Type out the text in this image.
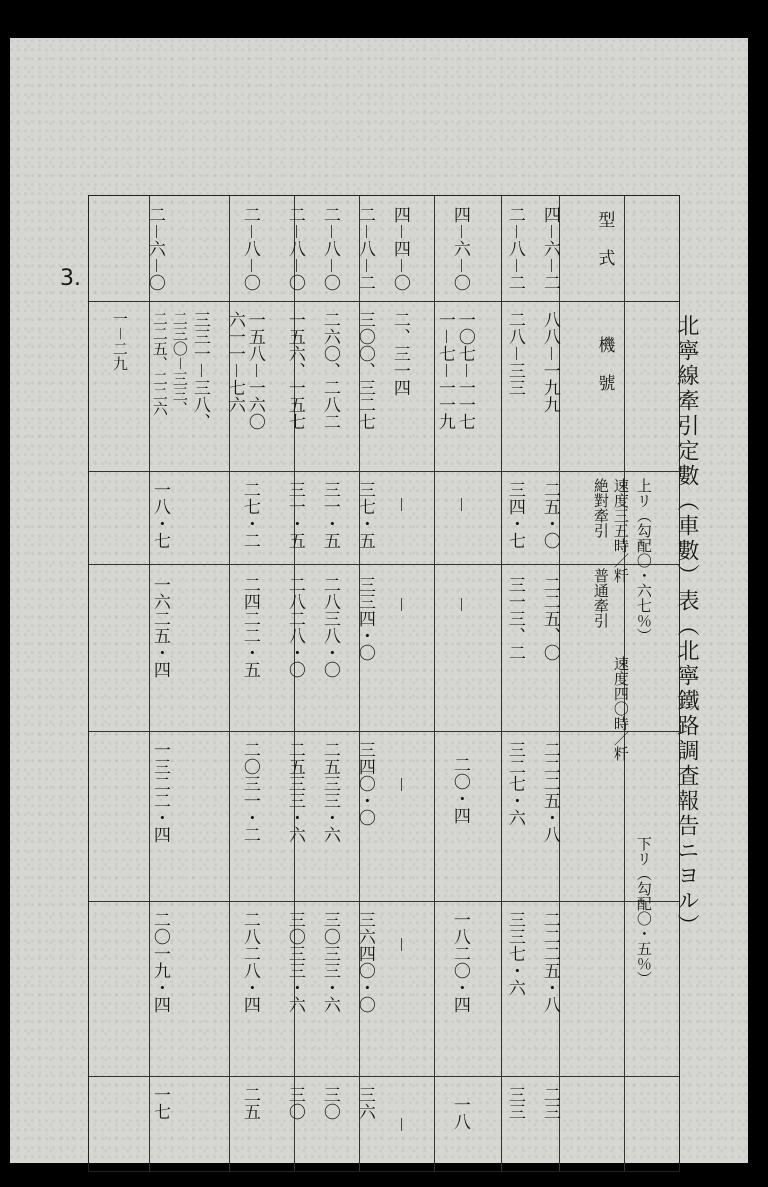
3.
北寧線牽引定數（車數）表（北寧鐵路調査報告ニヨル）
型　式
機　號
上リ（勾配〇・六七％）
下リ（勾配〇・五％）
速度三五時／粁
速度四〇時／粁
絶對牽引
普通牽引
四－六－二
八八－一九九
二五・〇
二二五、〇
二二二五・八
二二二五・八
二三
二－八－二
二八－三三
三四・七
三一三、二
三二七・六
三三七・六
三三
四－六－〇
一〇七－一一七
一－七－一一九
－
－
二〇・四
一八二〇・四
一八
四－四－〇
二、三一四
－
－
－
－
－
二－八－二
三〇〇、三二七
三七・五
三三四・〇
三四〇・〇
三六四〇・〇
三六
二－八－〇
二六〇、二八二
三一・五
二八三八・〇
二五三三・六
三〇三三・六
三〇
二－八－〇
一五六、一五七
三一・五
二八二八・〇
二五三三・六
三〇三三・六
三〇
二－八－〇
一五八－一六〇
六一一－七六
二七・二
二四二二・五
二〇三一・二
二八二八・四
二五
二－六－〇
三三一－三八、
二三〇－三三、
二二五、二二六
一－二九
一八・七
一六二五・四
一三二二・四
二〇一九・四
一七
